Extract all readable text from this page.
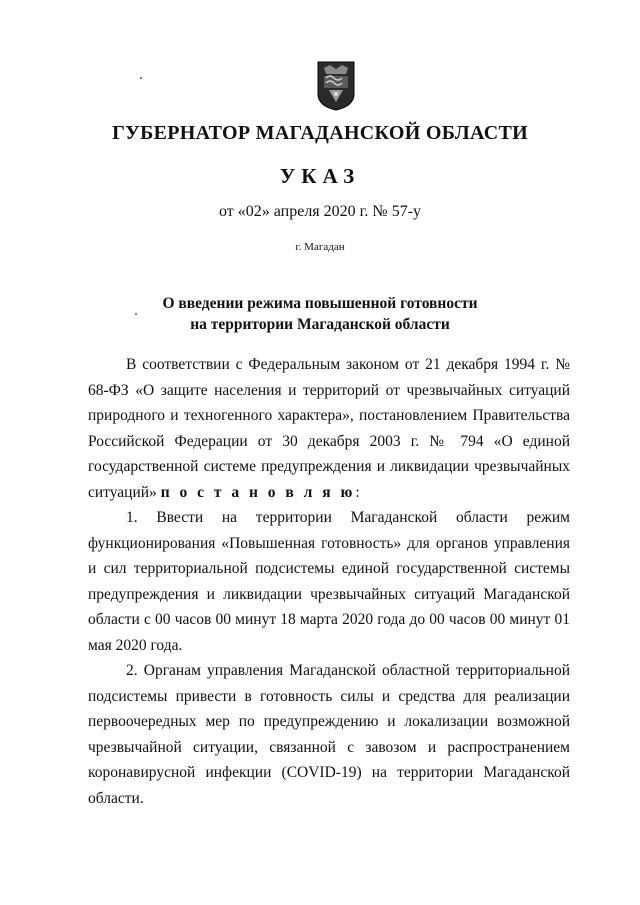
ГУБЕРНАТОР МАГАДАНСКОЙ ОБЛАСТИ
УКАЗ
от «02» апреля 2020 г. № 57-у
г. Магадан
О введении режима повышенной готовности
на территории Магаданской области

В соответствии с Федеральным законом от 21 декабря 1994 г. № 68-ФЗ «О защите населения и территорий от чрезвычайных ситуаций природного и техногенного характера», постановлением Правительства Российской Федерации от 30 декабря 2003 г. № 794 «О единой государственной системе предупреждения и ликвидации чрезвычайных ситуаций» п о с т а н о в л я ю:

1. Ввести на территории Магаданской области режим функционирования «Повышенная готовность» для органов управления и сил территориальной подсистемы единой государственной системы предупреждения и ликвидации чрезвычайных ситуаций Магаданской области с 00 часов 00 минут 18 марта 2020 года до 00 часов 00 минут 01 мая 2020 года.

2. Органам управления Магаданской областной территориальной подсистемы привести в готовность силы и средства для реализации первоочередных мер по предупреждению и локализации возможной чрезвычайной ситуации, связанной с завозом и распространением коронавирусной инфекции (COVID-19) на территории Магаданской области.
